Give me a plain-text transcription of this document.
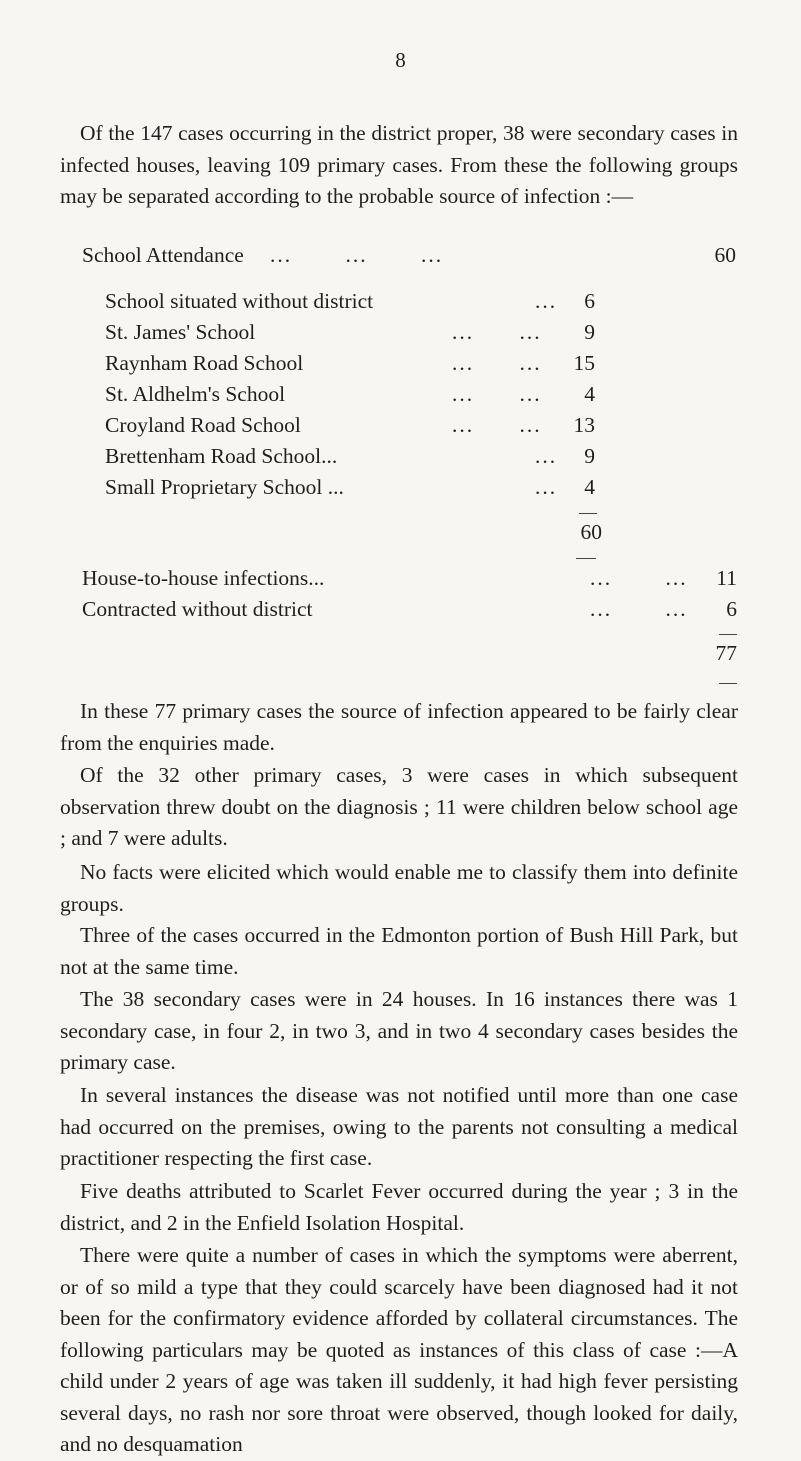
8

Of the 147 cases occurring in the district proper, 38 were secondary cases in infected houses, leaving 109 primary cases. From these the following groups may be separated according to the probable source of infection :—

School Attendance ... ... ...	60
School situated without district	...	6
St. James' School	... ...	9
Raynham Road School	... ...	15
St. Aldhelm's School	... ...	4
Croyland Road School	... ...	13
Brettenham Road School...	...	9
Small Proprietary School ...	...	4
60
House-to-house infections...	... ...	11
Contracted without district	... ...	6
77

In these 77 primary cases the source of infection appeared to be fairly clear from the enquiries made.

Of the 32 other primary cases, 3 were cases in which subsequent observation threw doubt on the diagnosis ; 11 were children below school age ; and 7 were adults.

No facts were elicited which would enable me to classify them into definite groups.

Three of the cases occurred in the Edmonton portion of Bush Hill Park, but not at the same time.

The 38 secondary cases were in 24 houses. In 16 instances there was 1 secondary case, in four 2, in two 3, and in two 4 secondary cases besides the primary case.

In several instances the disease was not notified until more than one case had occurred on the premises, owing to the parents not consulting a medical practitioner respecting the first case.

Five deaths attributed to Scarlet Fever occurred during the year ; 3 in the district, and 2 in the Enfield Isolation Hospital.

There were quite a number of cases in which the symptoms were aberrent, or of so mild a type that they could scarcely have been diagnosed had it not been for the confirmatory evidence afforded by collateral circumstances. The following particulars may be quoted as instances of this class of case :—A child under 2 years of age was taken ill suddenly, it had high fever persisting several days, no rash nor sore throat were observed, though looked for daily, and no desquamation
